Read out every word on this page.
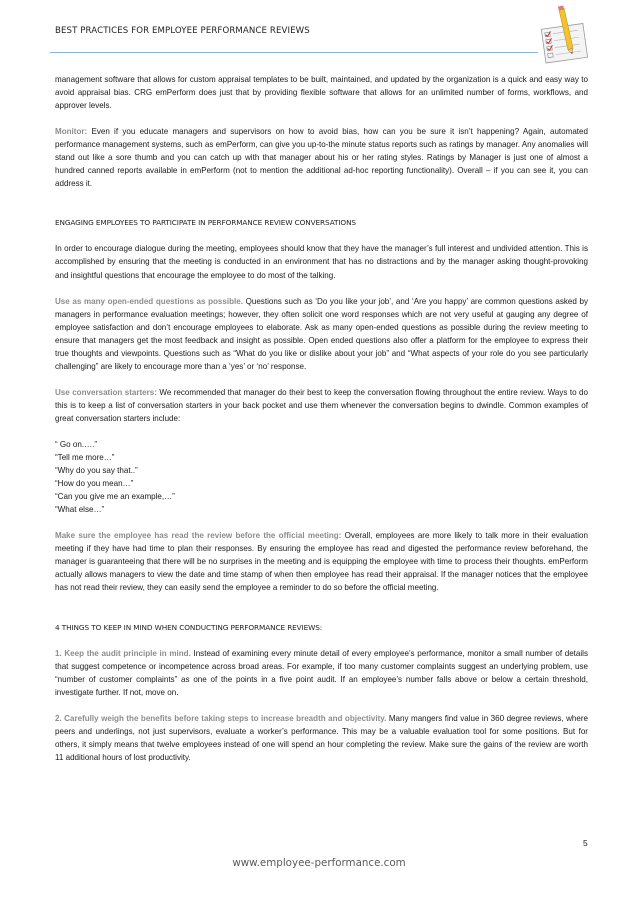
BEST PRACTICES FOR EMPLOYEE PERFORMANCE REVIEWS

management software that allows for custom appraisal templates to be built, maintained, and updated by the organization is a quick and easy way to avoid appraisal bias. CRG emPerform does just that by providing flexible software that allows for an unlimited number of forms, workflows, and approver levels.

Monitor: Even if you educate managers and supervisors on how to avoid bias, how can you be sure it isn’t happening? Again, automated performance management systems, such as emPerform, can give you up-to-the minute status reports such as ratings by manager. Any anomalies will stand out like a sore thumb and you can catch up with that manager about his or her rating styles. Ratings by Manager is just one of almost a hundred canned reports available in emPerform (not to mention the additional ad-hoc reporting functionality). Overall – if you can see it, you can address it.

ENGAGING EMPLOYEES TO PARTICIPATE IN PERFORMANCE REVIEW CONVERSATIONS

In order to encourage dialogue during the meeting, employees should know that they have the manager’s full interest and undivided attention. This is accomplished by ensuring that the meeting is conducted in an environment that has no distractions and by the manager asking thought-provoking and insightful questions that encourage the employee to do most of the talking.

Use as many open-ended questions as possible. Questions such as ‘Do you like your job’, and ‘Are you happy’ are common questions asked by managers in performance evaluation meetings; however, they often solicit one word responses which are not very useful at gauging any degree of employee satisfaction and don’t encourage employees to elaborate. Ask as many open-ended questions as possible during the review meeting to ensure that managers get the most feedback and insight as possible. Open ended questions also offer a platform for the employee to express their true thoughts and viewpoints. Questions such as “What do you like or dislike about your job” and “What aspects of your role do you see particularly challenging” are likely to encourage more than a ‘yes’ or ‘no’ response.

Use conversation starters: We recommended that manager do their best to keep the conversation flowing throughout the entire review. Ways to do this is to keep a list of conversation starters in your back pocket and use them whenever the conversation begins to dwindle. Common examples of great conversation starters include:

“ Go on.….”

“Tell me more…”

“Why do you say that..”

“How do you mean…”

“Can you give me an example,…”

“What else…”

Make sure the employee has read the review before the official meeting: Overall, employees are more likely to talk more in their evaluation meeting if they have had time to plan their responses. By ensuring the employee has read and digested the performance review beforehand, the manager is guaranteeing that there will be no surprises in the meeting and is equipping the employee with time to process their thoughts. emPerform actually allows managers to view the date and time stamp of when then employee has read their appraisal. If the manager notices that the employee has not read their review, they can easily send the employee a reminder to do so before the official meeting.

4 THINGS TO KEEP IN MIND WHEN CONDUCTING PERFORMANCE REVIEWS:

1. Keep the audit principle in mind. Instead of examining every minute detail of every employee’s performance, monitor a small number of details that suggest competence or incompetence across broad areas. For example, if too many customer complaints suggest an underlying problem, use “number of customer complaints” as one of the points in a five point audit. If an employee’s number falls above or below a certain threshold, investigate further. If not, move on.

2. Carefully weigh the benefits before taking steps to increase breadth and objectivity. Many mangers find value in 360 degree reviews, where peers and underlings, not just supervisors, evaluate a worker’s performance. This may be a valuable evaluation tool for some positions. But for others, it simply means that twelve employees instead of one will spend an hour completing the review. Make sure the gains of the review are worth 11 additional hours of lost productivity.

5
www.employee-performance.com
